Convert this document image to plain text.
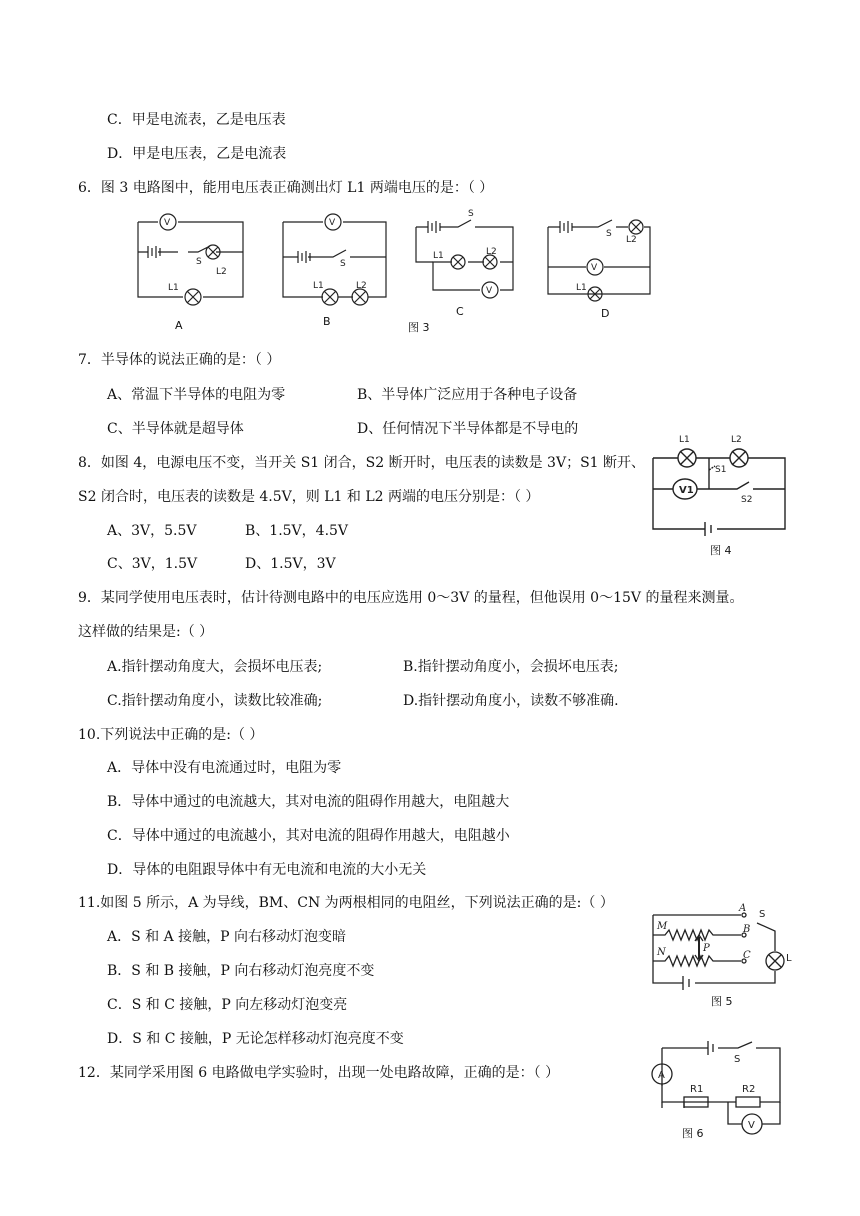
C．甲是电流表，乙是电压表
D．甲是电压表，乙是电流表
6．图 3 电路图中，能用电压表正确测出灯 L1 两端电压的是：（ ）
V	V
V
V
S	S
S
S
L2
L1	L1	L2
L1	L2
L2
L1
A	B	图 3
C	D
7．半导体的说法正确的是：（ ）
A、常温下半导体的电阻为零	B、半导体广泛应用于各种电子设备
C、半导体就是超导体	D、任何情况下半导体都是不导电的
8．如图 4，电源电压不变，当开关 S1 闭合，S2 断开时，电压表的读数是 3V；S1 断开、
S2 闭合时，电压表的读数是 4.5V，则 L1 和 L2 两端的电压分别是：（ ）
A、3V，5.5V	B、1.5V，4.5V
C、3V，1.5V	D、1.5V，3V
L1	L2
S1
S2
V1
图 4
9．某同学使用电压表时，估计待测电路中的电压应选用 0～3V 的量程，但他误用 0～15V 的量程来测量。
这样做的结果是:（ ）
A.指针摆动角度大，会损坏电压表;	B.指针摆动角度小，会损坏电压表;
C.指针摆动角度小，读数比较准确;	D.指针摆动角度小，读数不够准确.
10.下列说法中正确的是:（ ）
A．导体中没有电流通过时，电阻为零
B．导体中通过的电流越大，其对电流的阻碍作用越大，电阻越大
C．导体中通过的电流越小，其对电流的阻碍作用越大，电阻越小
D．导体的电阻跟导体中有无电流和电流的大小无关
11.如图 5 所示，A 为导线，BM、CN 为两根相同的电阻丝，下列说法正确的是:（ ）
A．S 和 A 接触，P 向右移动灯泡变暗
B．S 和 B 接触，P 向右移动灯泡亮度不变
C．S 和 C 接触，P 向左移动灯泡变亮
D．S 和 C 接触，P 无论怎样移动灯泡亮度不变
A
B
C
M
N	P
S
L
图 5
12．某同学采用图 6 电路做电学实验时，出现一处电路故障，正确的是：（ ）
S
A
R1	R2
V
图 6
